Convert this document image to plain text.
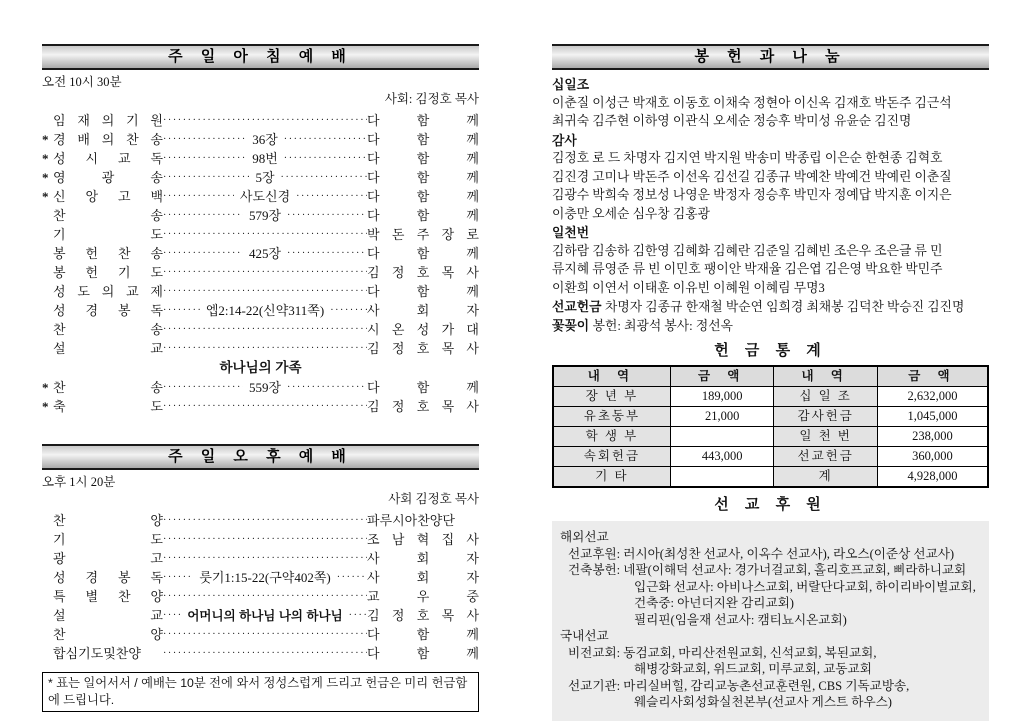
주 일 아 침 예 배
오전 10시 30분
사회: 김정호 목사
임 재 의 기 원 ·····	다 함 께
* 경 배 의 찬 송 ·····	36장 ·····	다 함 께
* 성 시 교 독 ·····	98번 ·····	다 함 께
* 영 광 송 ·····	5장 ·····	다 함 께
* 신 앙 고 백 ·····	사도신경 ·····	다 함 께
찬 송 ·····	579장 ·····	다 함 께
기 도 ·····	박 돈 주 장 로
봉 헌 찬 송 ·····	425장 ·····	다 함 께
봉 헌 기 도 ·····	김 정 호 목 사
성 도 의 교 제 ·····	다 함 께
성 경 봉 독 ·····	엡2:14-22(신약311쪽) ·····	사 회 자
찬 송 ·····	시 온 성 가 대
설 교 ·····	김 정 호 목 사
하나님의 가족
* 찬 송 ·····	559장 ·····	다 함 께
* 축 도 ·····	김 정 호 목 사
주 일 오 후 예 배
오후 1시 20분
사회 김정호 목사
찬 양 ·····	파루시아찬양단
기 도 ·····	조 남 혁 집 사
광 고 ·····	사 회 자
성 경 봉 독 ·····	룻기1:15-22(구약402쪽) ·····	사 회 자
특 별 찬 양 ·····	교 우 중
설 교 ·····	어머니의 하나님 나의 하나님 ·····	김 정 호 목 사
찬 양 ·····	다 함 께
합심기도및찬양 ·····	다 함 께
* 표는 일어서서 / 예배는 10분 전에 와서 정성스럽게 드리고 헌금은 미리 헌금함에 드립니다.
봉 헌 과 나 눔
십일조
이춘질 이성근 박재호 이동호 이채숙 정현아 이신옥 김재호 박돈주 김근석
최귀숙 김주현 이하영 이관식 오세순 정승후 박미성 유윤순 김진명
감사
김정호 로 드 차명자 김지연 박지원 박송미 박종립 이은순 한현종 김혁호
김진경 고미나 박돈주 이선옥 김선길 김종규 박예찬 박예건 박예린 이춘질
김광수 박희숙 정보성 나영운 박정자 정승후 박민자 정예답 박지훈 이지은
이충만 오세순 심우창 김홍광
일천번
김하람 김송하 김한영 김혜화 김혜란 김준일 김혜빈 조은우 조은글 류 민
류지혜 류영준 류 빈 이민호 팽이안 박재율 김은엽 김은영 박요한 박민주
이환희 이연서 이태훈 이유빈 이혜원 이혜림 무명3
선교헌금 차명자 김종규 한재철 박순연 임희경 최채봉 김덕찬 박승진 김진명
꽃꽂이 봉헌: 최광석 봉사: 정선옥
헌 금 통 계
내 역	금 액	내 역	금 액
장 년 부	189,000	십 일 조	2,632,000
유초동부	21,000	감사헌금	1,045,000
학 생 부		일 천 번	238,000
속회헌금	443,000	선교헌금	360,000
기 타		계	4,928,000
선 교 후 원
해외선교
선교후원: 러시아(최성찬 선교사, 이옥수 선교사), 라오스(이준상 선교사)
건축봉헌: 네팔(이해덕 선교사: 경가너걸교회, 홀리호프교회, 삐라하니교회
입근화 선교사: 아비나스교회, 버랄단다교회, 하이리바이벌교회,
건축중: 아넌더지완 감리교회)
필리핀(임을재 선교사: 캠티뇨시온교회)
국내선교
비전교회: 동검교회, 마리산전원교회, 신석교회, 복된교회,
해병강화교회, 위드교회, 미루교회, 교동교회
선교기관: 마리실버힐, 감리교농촌선교훈련원, CBS 기독교방송,
웨슬리사회성화실천본부(선교사 게스트 하우스)
